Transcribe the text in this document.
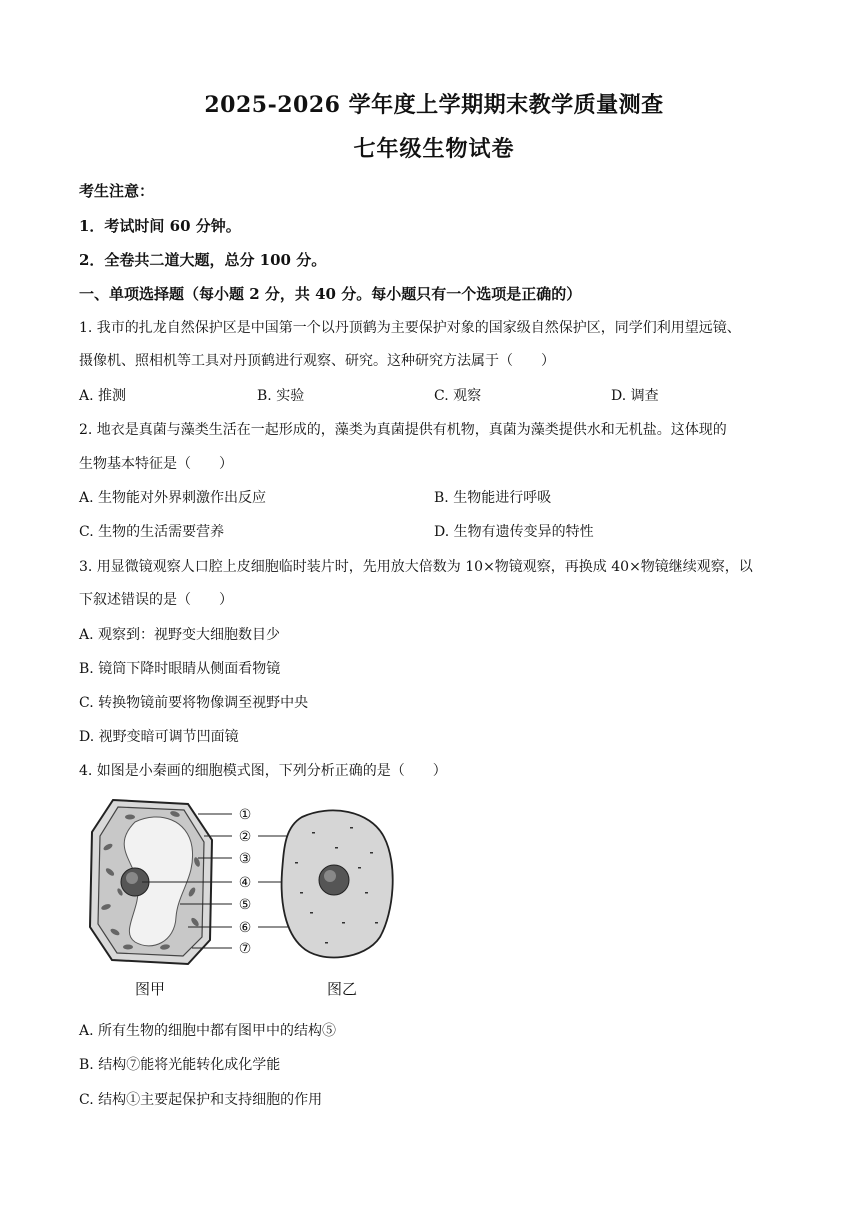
2025-2026 学年度上学期期末教学质量测查
七年级生物试卷
考生注意：
1．考试时间 60 分钟。
2．全卷共二道大题，总分 100 分。
一、单项选择题（每小题 2 分，共 40 分。每小题只有一个选项是正确的）
1. 我市的扎龙自然保护区是中国第一个以丹顶鹤为主要保护对象的国家级自然保护区，同学们利用望远镜、
摄像机、照相机等工具对丹顶鹤进行观察、研究。这种研究方法属于（　　）
A. 推测	B. 实验	C. 观察	D. 调查
2. 地衣是真菌与藻类生活在一起形成的，藻类为真菌提供有机物，真菌为藻类提供水和无机盐。这体现的
生物基本特征是（　　）
A. 生物能对外界刺激作出反应	B. 生物能进行呼吸
C. 生物的生活需要营养	D. 生物有遗传变异的特性
3. 用显微镜观察人口腔上皮细胞临时装片时，先用放大倍数为 10×物镜观察，再换成 40×物镜继续观察，以
下叙述错误的是（　　）
A. 观察到：视野变大细胞数目少
B. 镜筒下降时眼睛从侧面看物镜
C. 转换物镜前要将物像调至视野中央
D. 视野变暗可调节凹面镜
4. 如图是小秦画的细胞模式图，下列分析正确的是（　　）
①
②
③
④
⑤
⑥
⑦
图甲	图乙
A. 所有生物的细胞中都有图甲中的结构⑤
B. 结构⑦能将光能转化成化学能
C. 结构①主要起保护和支持细胞的作用
